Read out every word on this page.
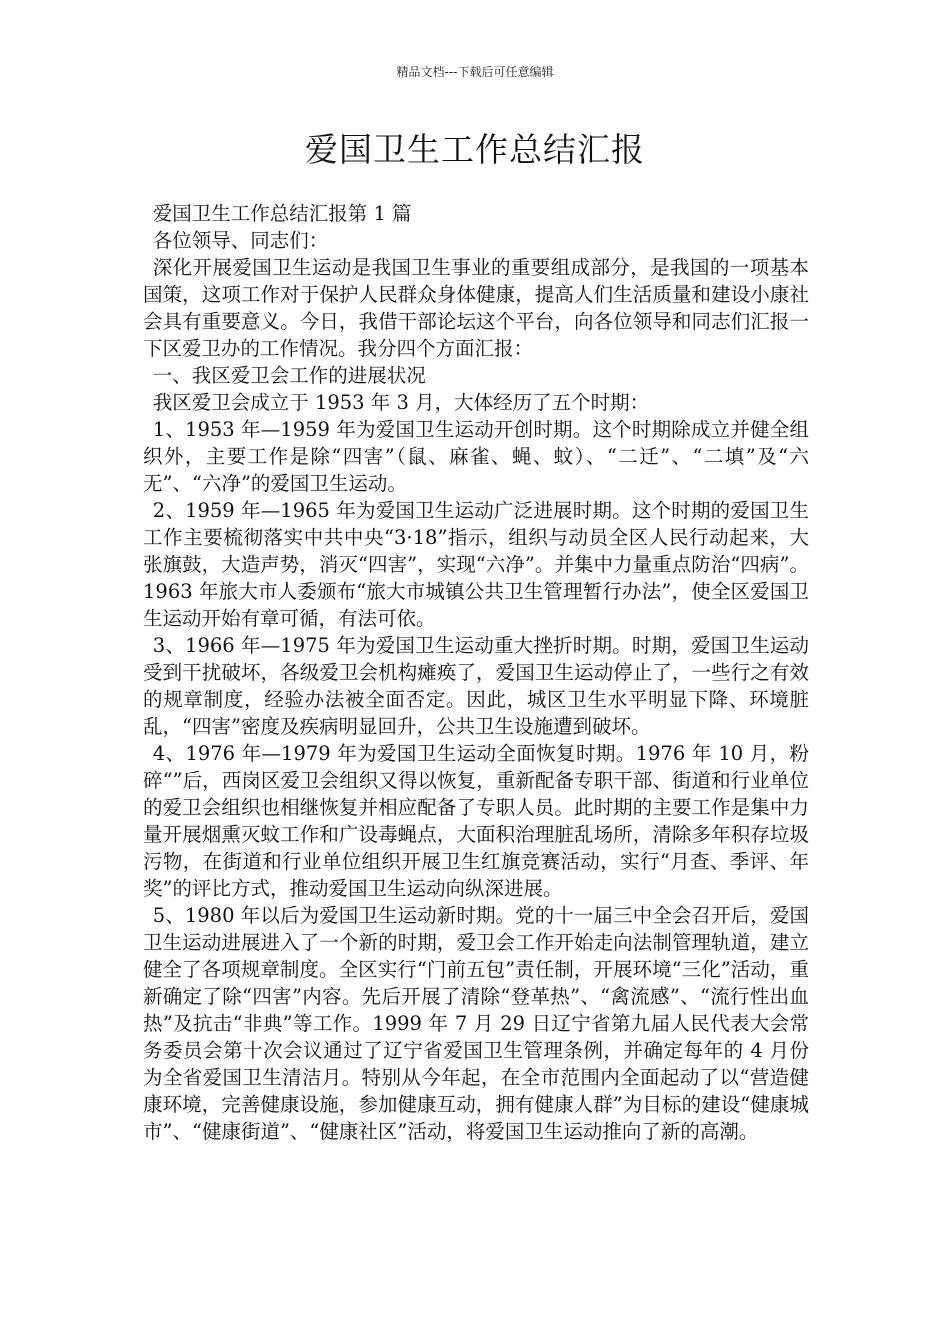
精品文档---下载后可任意编辑
爱国卫生工作总结汇报

爱国卫生工作总结汇报第 1 篇

各位领导、同志们：

深化开展爱国卫生运动是我国卫生事业的重要组成部分，是我国的一项基本国策，这项工作对于保护人民群众身体健康，提高人们生活质量和建设小康社会具有重要意义。今日，我借干部论坛这个平台，向各位领导和同志们汇报一下区爱卫办的工作情况。我分四个方面汇报：

一、我区爱卫会工作的进展状况

我区爱卫会成立于 1953 年 3 月，大体经历了五个时期：

1、1953 年—1959 年为爱国卫生运动开创时期。这个时期除成立并健全组织外，主要工作是除“四害”（鼠、麻雀、蝇、蚊）、“二迁”、“二填”及“六无”、“六净”的爱国卫生运动。

2、1959 年—1965 年为爱国卫生运动广泛进展时期。这个时期的爱国卫生工作主要梳彻落实中共中央“3·18”指示，组织与动员全区人民行动起来，大张旗鼓，大造声势，消灭“四害”，实现“六净”。并集中力量重点防治“四病”。1963 年旅大市人委颁布“旅大市城镇公共卫生管理暂行办法”，使全区爱国卫生运动开始有章可循，有法可依。

3、1966 年—1975 年为爱国卫生运动重大挫折时期。时期，爱国卫生运动受到干扰破坏，各级爱卫会机构瘫痪了，爱国卫生运动停止了，一些行之有效的规章制度，经验办法被全面否定。因此，城区卫生水平明显下降、环境脏乱，“四害”密度及疾病明显回升，公共卫生设施遭到破坏。

4、1976 年—1979 年为爱国卫生运动全面恢复时期。1976 年 10 月，粉碎“”后，西岗区爱卫会组织又得以恢复，重新配备专职干部、街道和行业单位的爱卫会组织也相继恢复并相应配备了专职人员。此时期的主要工作是集中力量开展烟熏灭蚊工作和广设毒蝇点，大面积治理脏乱场所，清除多年积存垃圾污物，在街道和行业单位组织开展卫生红旗竞赛活动，实行“月查、季评、年奖”的评比方式，推动爱国卫生运动向纵深进展。

5、1980 年以后为爱国卫生运动新时期。党的十一届三中全会召开后，爱国卫生运动进展进入了一个新的时期，爱卫会工作开始走向法制管理轨道，建立健全了各项规章制度。全区实行“门前五包”责任制，开展环境“三化”活动，重新确定了除“四害”内容。先后开展了清除“登革热”、“禽流感”、“流行性出血热”及抗击“非典”等工作。1999 年 7 月 29 日辽宁省第九届人民代表大会常务委员会第十次会议通过了辽宁省爱国卫生管理条例，并确定每年的 4 月份为全省爱国卫生清洁月。特别从今年起，在全市范围内全面起动了以“营造健康环境，完善健康设施，参加健康互动，拥有健康人群”为目标的建设“健康城市”、“健康街道”、“健康社区”活动，将爱国卫生运动推向了新的高潮。
